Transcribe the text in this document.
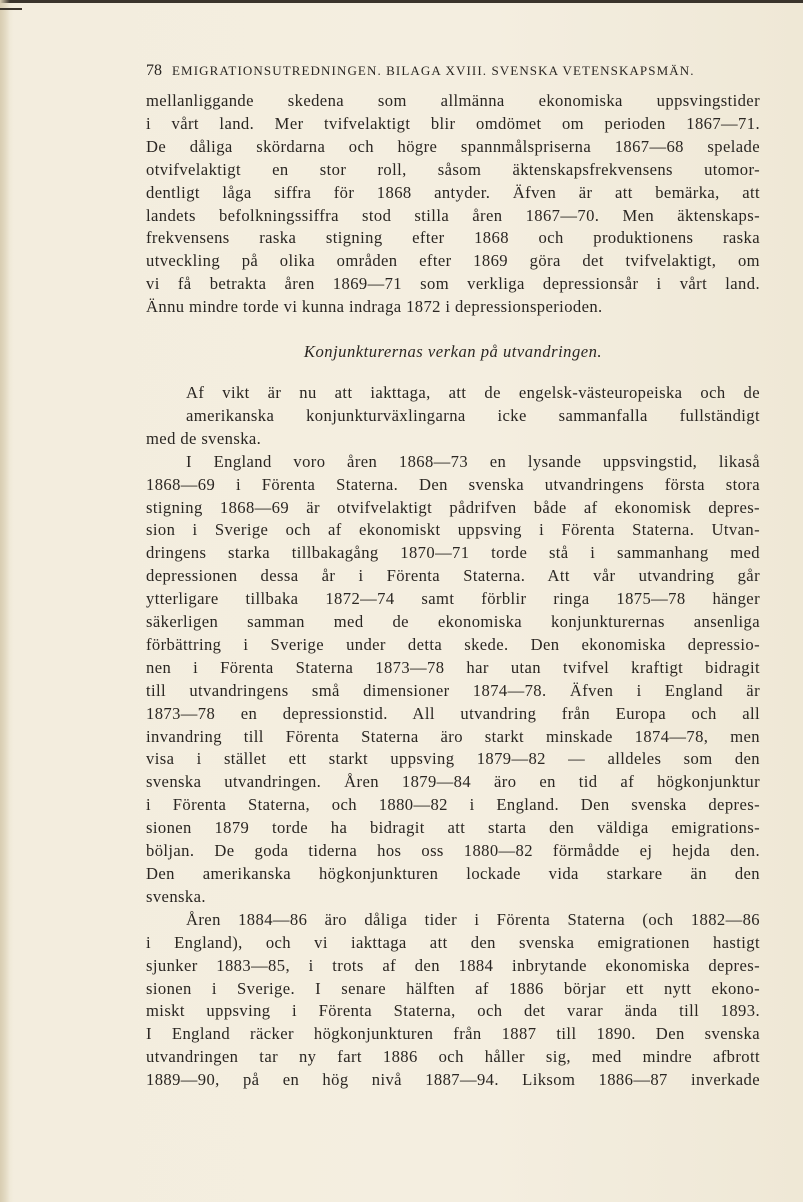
78 EMIGRATIONSUTREDNINGEN. BILAGA XVIII. SVENSKA VETENSKAPSMÄN.

mellanliggande skedena som allmänna ekonomiska uppsvingstider
i vårt land. Mer tvifvelaktigt blir omdömet om perioden 1867—71.
De dåliga skördarna och högre spannmålspriserna 1867—68 spelade
otvifvelaktigt en stor roll, såsom äktenskapsfrekvensens utomor-
dentligt låga siffra för 1868 antyder. Äfven är att bemärka, att
landets befolkningssiffra stod stilla åren 1867—70. Men äktenskaps-
frekvensens raska stigning efter 1868 och produktionens raska
utveckling på olika områden efter 1869 göra det tvifvelaktigt, om
vi få betrakta åren 1869—71 som verkliga depressionsår i vårt land.

Ännu mindre torde vi kunna indraga 1872 i depressionsperioden.

Konjunkturernas verkan på utvandringen.

Af vikt är nu att iakttaga, att de engelsk-västeuropeiska och de
amerikanska konjunkturväxlingarna icke sammanfalla fullständigt

med de svenska.

I England voro åren 1868—73 en lysande uppsvingstid, likaså

1868—69 i Förenta Staterna. Den svenska utvandringens första stora
stigning 1868—69 är otvifvelaktigt pådrifven både af ekonomisk depres-
sion i Sverige och af ekonomiskt uppsving i Förenta Staterna. Utvan-
dringens starka tillbakagång 1870—71 torde stå i sammanhang med
depressionen dessa år i Förenta Staterna. Att vår utvandring går
ytterligare tillbaka 1872—74 samt förblir ringa 1875—78 hänger
säkerligen samman med de ekonomiska konjunkturernas ansenliga
förbättring i Sverige under detta skede. Den ekonomiska depressio-
nen i Förenta Staterna 1873—78 har utan tvifvel kraftigt bidragit
till utvandringens små dimensioner 1874—78. Äfven i England är
1873—78 en depressionstid. All utvandring från Europa och all
invandring till Förenta Staterna äro starkt minskade 1874—78, men
visa i stället ett starkt uppsving 1879—82 — alldeles som den
svenska utvandringen. Åren 1879—84 äro en tid af högkonjunktur
i Förenta Staterna, och 1880—82 i England. Den svenska depres-
sionen 1879 torde ha bidragit att starta den väldiga emigrations-
böljan. De goda tiderna hos oss 1880—82 förmådde ej hejda den.
Den amerikanska högkonjunkturen lockade vida starkare än den

svenska.

Åren 1884—86 äro dåliga tider i Förenta Staterna (och 1882—86

i England), och vi iakttaga att den svenska emigrationen hastigt
sjunker 1883—85, i trots af den 1884 inbrytande ekonomiska depres-
sionen i Sverige. I senare hälften af 1886 börjar ett nytt ekono-
miskt uppsving i Förenta Staterna, och det varar ända till 1893.
I England räcker högkonjunkturen från 1887 till 1890. Den svenska
utvandringen tar ny fart 1886 och håller sig, med mindre afbrott
1889—90, på en hög nivå 1887—94. Liksom 1886—87 inverkade
